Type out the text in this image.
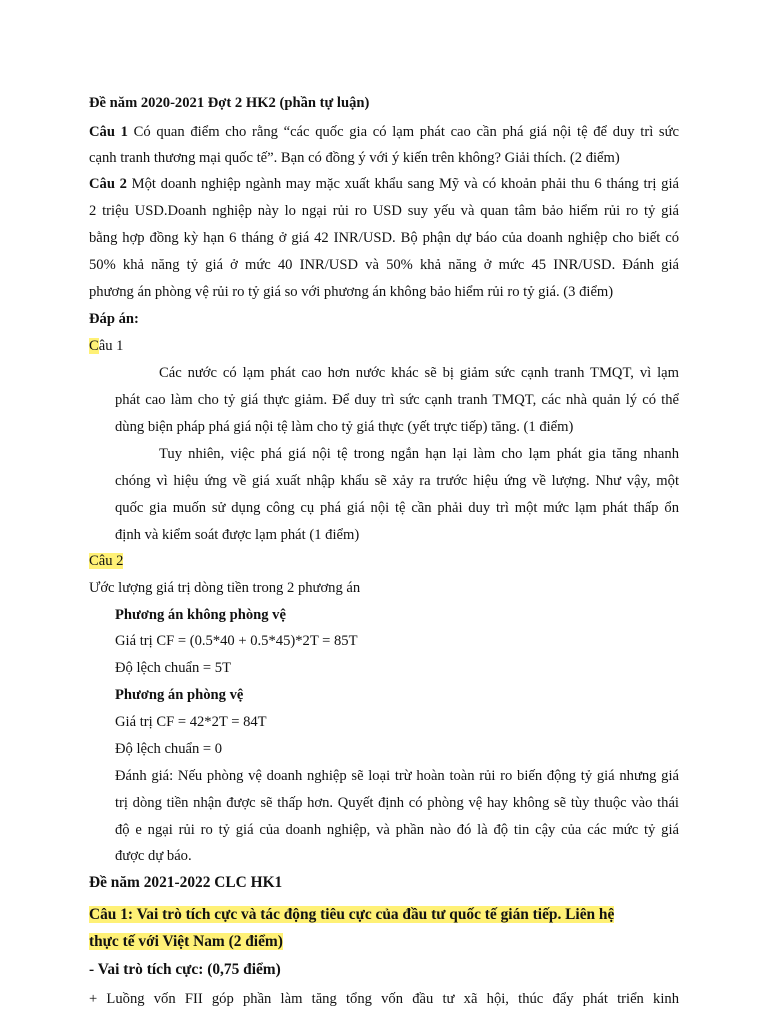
Đề năm 2020-2021 Đợt 2 HK2 (phần tự luận)
Câu 1 Có quan điểm cho rằng “các quốc gia có lạm phát cao cần phá giá nội tệ để duy trì sức
cạnh tranh thương mại quốc tế”. Bạn có đồng ý với ý kiến trên không? Giải thích. (2 điểm)
Câu 2 Một doanh nghiệp ngành may mặc xuất khẩu sang Mỹ và có khoản phải thu 6 tháng trị giá
2 triệu USD.Doanh nghiệp này lo ngại rủi ro USD suy yếu và quan tâm bảo hiểm rủi ro tỷ giá
bằng hợp đồng kỳ hạn 6 tháng ở giá 42 INR/USD. Bộ phận dự báo của doanh nghiệp cho biết có
50% khả năng tỷ giá ở mức 40 INR/USD và 50% khả năng ở mức 45 INR/USD. Đánh giá
phương án phòng vệ rủi ro tỷ giá so với phương án không bảo hiểm rủi ro tỷ giá. (3 điểm)
Đáp án:
Câu 1
Các nước có lạm phát cao hơn nước khác sẽ bị giảm sức cạnh tranh TMQT, vì lạm
phát cao làm cho tỷ giá thực giảm. Để duy trì sức cạnh tranh TMQT, các nhà quản lý có thể
dùng biện pháp phá giá nội tệ làm cho tỷ giá thực (yết trực tiếp) tăng. (1 điểm)
Tuy nhiên, việc phá giá nội tệ trong ngắn hạn lại làm cho lạm phát gia tăng nhanh
chóng vì hiệu ứng về giá xuất nhập khẩu sẽ xảy ra trước hiệu ứng về lượng. Như vậy, một
quốc gia muốn sử dụng công cụ phá giá nội tệ cần phải duy trì một mức lạm phát thấp ổn
định và kiểm soát được lạm phát (1 điểm)
Câu 2
Ước lượng giá trị dòng tiền trong 2 phương án
Phương án không phòng vệ
Giá trị CF = (0.5*40 + 0.5*45)*2T = 85T
Độ lệch chuẩn = 5T
Phương án phòng vệ
Giá trị CF = 42*2T = 84T
Độ lệch chuẩn = 0
Đánh giá: Nếu phòng vệ doanh nghiệp sẽ loại trừ hoàn toàn rủi ro biến động tỷ giá nhưng giá
trị dòng tiền nhận được sẽ thấp hơn. Quyết định có phòng vệ hay không sẽ tùy thuộc vào thái
độ e ngại rủi ro tỷ giá của doanh nghiệp, và phần nào đó là độ tin cậy của các mức tỷ giá
được dự báo.
Đề năm 2021-2022 CLC HK1
Câu 1: Vai trò tích cực và tác động tiêu cực của đầu tư quốc tế gián tiếp. Liên hệ
thực tế với Việt Nam (2 điểm)
- Vai trò tích cực: (0,75 điểm)
+ Luồng vốn FII góp phần làm tăng tổng vốn đầu tư xã hội, thúc đẩy phát triển kinh
